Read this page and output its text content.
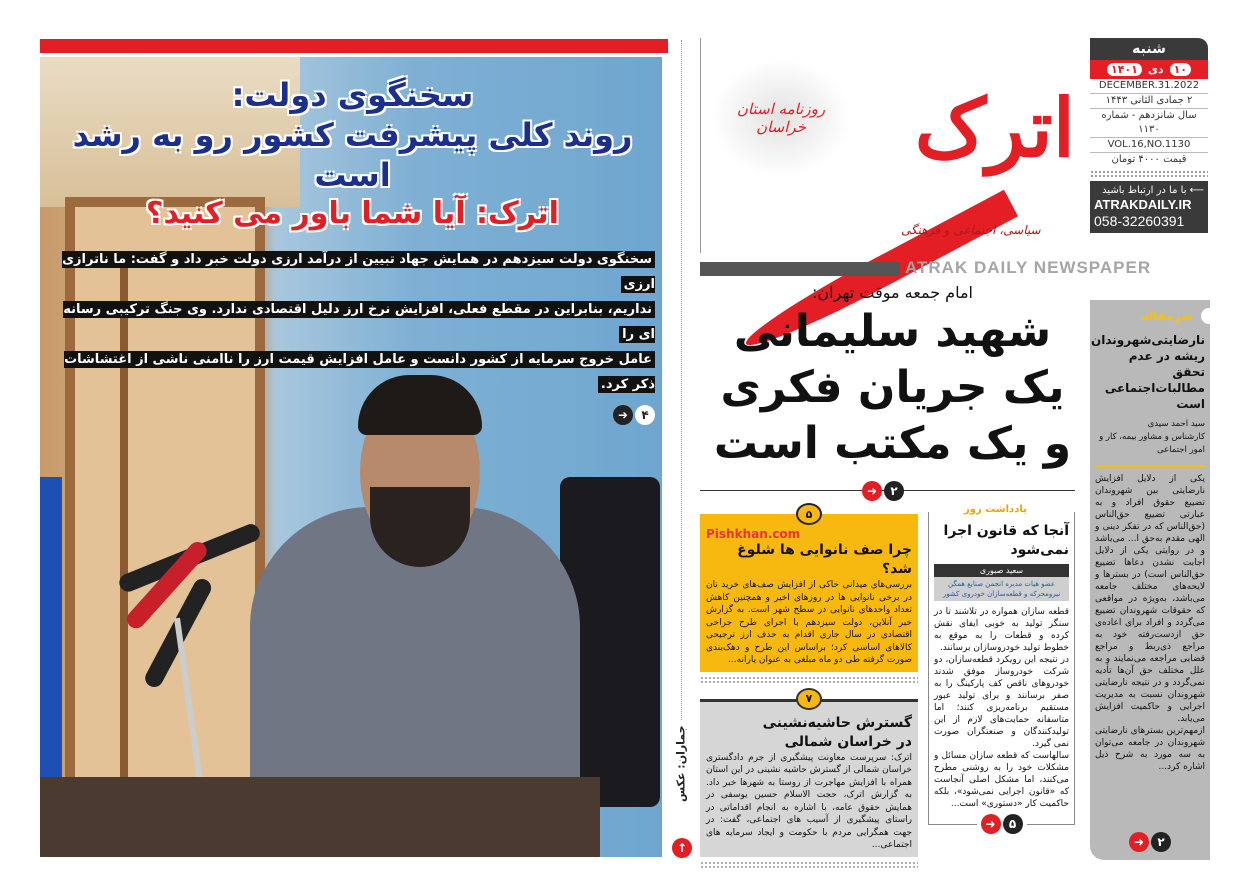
سخنگوی دولت:
روند کلی پیشرفت کشور رو به رشد است
اترک: آیا شما باور می کنید؟
سخنگوی دولت سیزدهم در همایش جهاد تبیین از درآمد ارزی دولت خبر داد و گفت: ما ناترازی ارزی
نداریم، بنابراین در مقطع فعلی، افزایش نرخ ارز دلیل اقتصادی ندارد. وی جنگ ترکیبی رسانه ای را
عامل خروج سرمایه از کشور دانست و عامل افزایش قیمت ارز را ناامنی ناشی از اغتشاشات ذکر کرد.
➜	۴
جماران: عکس
↑
روزنامه استان خراسان	اترک
سیاسی، اجتماعی و فرهنگی
شنبه
۱۰
دی
۱۴۰۱
DECEMBER.31.2022
۲ جمادی الثانی ۱۴۴۳
سال شانزدهم - شماره ۱۱۳۰
VOL.16,NO.1130
قیمت ۴۰۰۰ تومان
⟵ با ما در ارتباط باشید
ATRAKDAILY.IR
058-32260391
ATRAK DAILY NEWSPAPER
امام جمعه موقت تهران:
شهید سلیمانی
یک جریان فکری
و یک مکتب است
➜	۲
۵
Pishkhan.com
چرا صف نانوایی ها شلوغ شد؟

بررسی‌های میدانی حاکی از افزایش صف‌های خرید نان در برخی نانوایی ها در روزهای اخیر و همچنین کاهش تعداد واحدهای نانوایی در سطح شهر است. به گزارش خبر آنلاین، دولت سیزدهم با اجرای طرح جراحی اقتصادی در سال جاری اقدام به حذف ارز ترجیحی کالاهای اساسی کرد؛ براساس این طرح و دهک‌بندی صورت گرفته طی دو ماه مبلغی به عنوان یارانه...

۷
گسترش حاشیه‌نشینی
در خراسان شمالی

اترک: سرپرست معاونت پیشگیری از جرم دادگستری خراسان شمالی از گسترش حاشیه نشینی در این استان همراه با افزایش مهاجرت از روستا به شهرها خبر داد. به گزارش اترک، حجت الاسلام حسین یوسفی در همایش حقوق عامه، با اشاره به انجام اقداماتی در راستای پیشگیری از آسیب های اجتماعی، گفت: در جهت همگرایی مردم با حکومت و ایجاد سرمایه های اجتماعی...

آنجا که قانون اجرا نمی‌شود
سعید صبوری
عضو هیات مدیره انجمن صنایع همگن نیرومحرکه و قطعه‌سازان خودروی کشور

قطعه سازان همواره در تلاشند تا در سنگر تولید به خوبی ایفای نقش کرده و قطعات را به موقع به خطوط تولید خودروسازان برسانند.

در نتیجه این رویکرد قطعه‌سازان، دو شرکت خودروساز موفق شدند خودروهای ناقص کف پارکینگ را به صفر برسانند و برای تولید عبور مستقیم برنامه‌ریزی کنند؛ اما متاسفانه حمایت‌های لازم از این تولیدکنندگان و صنعتگران صورت نمی گیرد.

سالهاست که قطعه سازان مسائل و مشکلات خود را به روشنی مطرح می‌کنند، اما مشکل اصلی آنجاست که «قانون اجرایی نمی‌شود»، بلکه حاکمیت کار «دستوری» است...

➜	۵
یادداشت روز
سرمقاله
نارضایتی‌شهروندان ریشه در عدم تحقق مطالبات‌اجتماعی است
سید احمد سیدی
کارشناس و مشاور بیمه، کار و امور اجتماعی

یکی از دلایل افزایش نارضایتی بین شهروندان تضییع حقوق افراد و به عبارتی تضییع حق‌الناس (حق‌الناس که در تفکر دینی و الهی مقدم به‌حق ا... می‌باشد و در روایتی یکی از دلایل اجابت نشدن دعاها تضییع حق‌الناس است) در بسترها و لایحه‌های مختلف جامعه می‌باشد، به‌ویژه در مواقعی که حقوقات شهروندان تضییع می‌گردد و افراد برای اعاده‌ی حق ازدست‌رفته خود به مراجع ذی‌ربط و مراجع قضایی مراجعه می‌نمایند و به علل مختلف حق آن‌ها تأدیه نمی‌گردد و در نتیجه نارضایتی شهروندان نسبت به مدیریت اجرایی و حاکمیت افزایش می‌یابد.

ازمهم‌ترین بسترهای نارضایتی شهروندان در جامعه می‌توان به سه مورد به شرح ذیل اشاره کرد...

➜	۲
